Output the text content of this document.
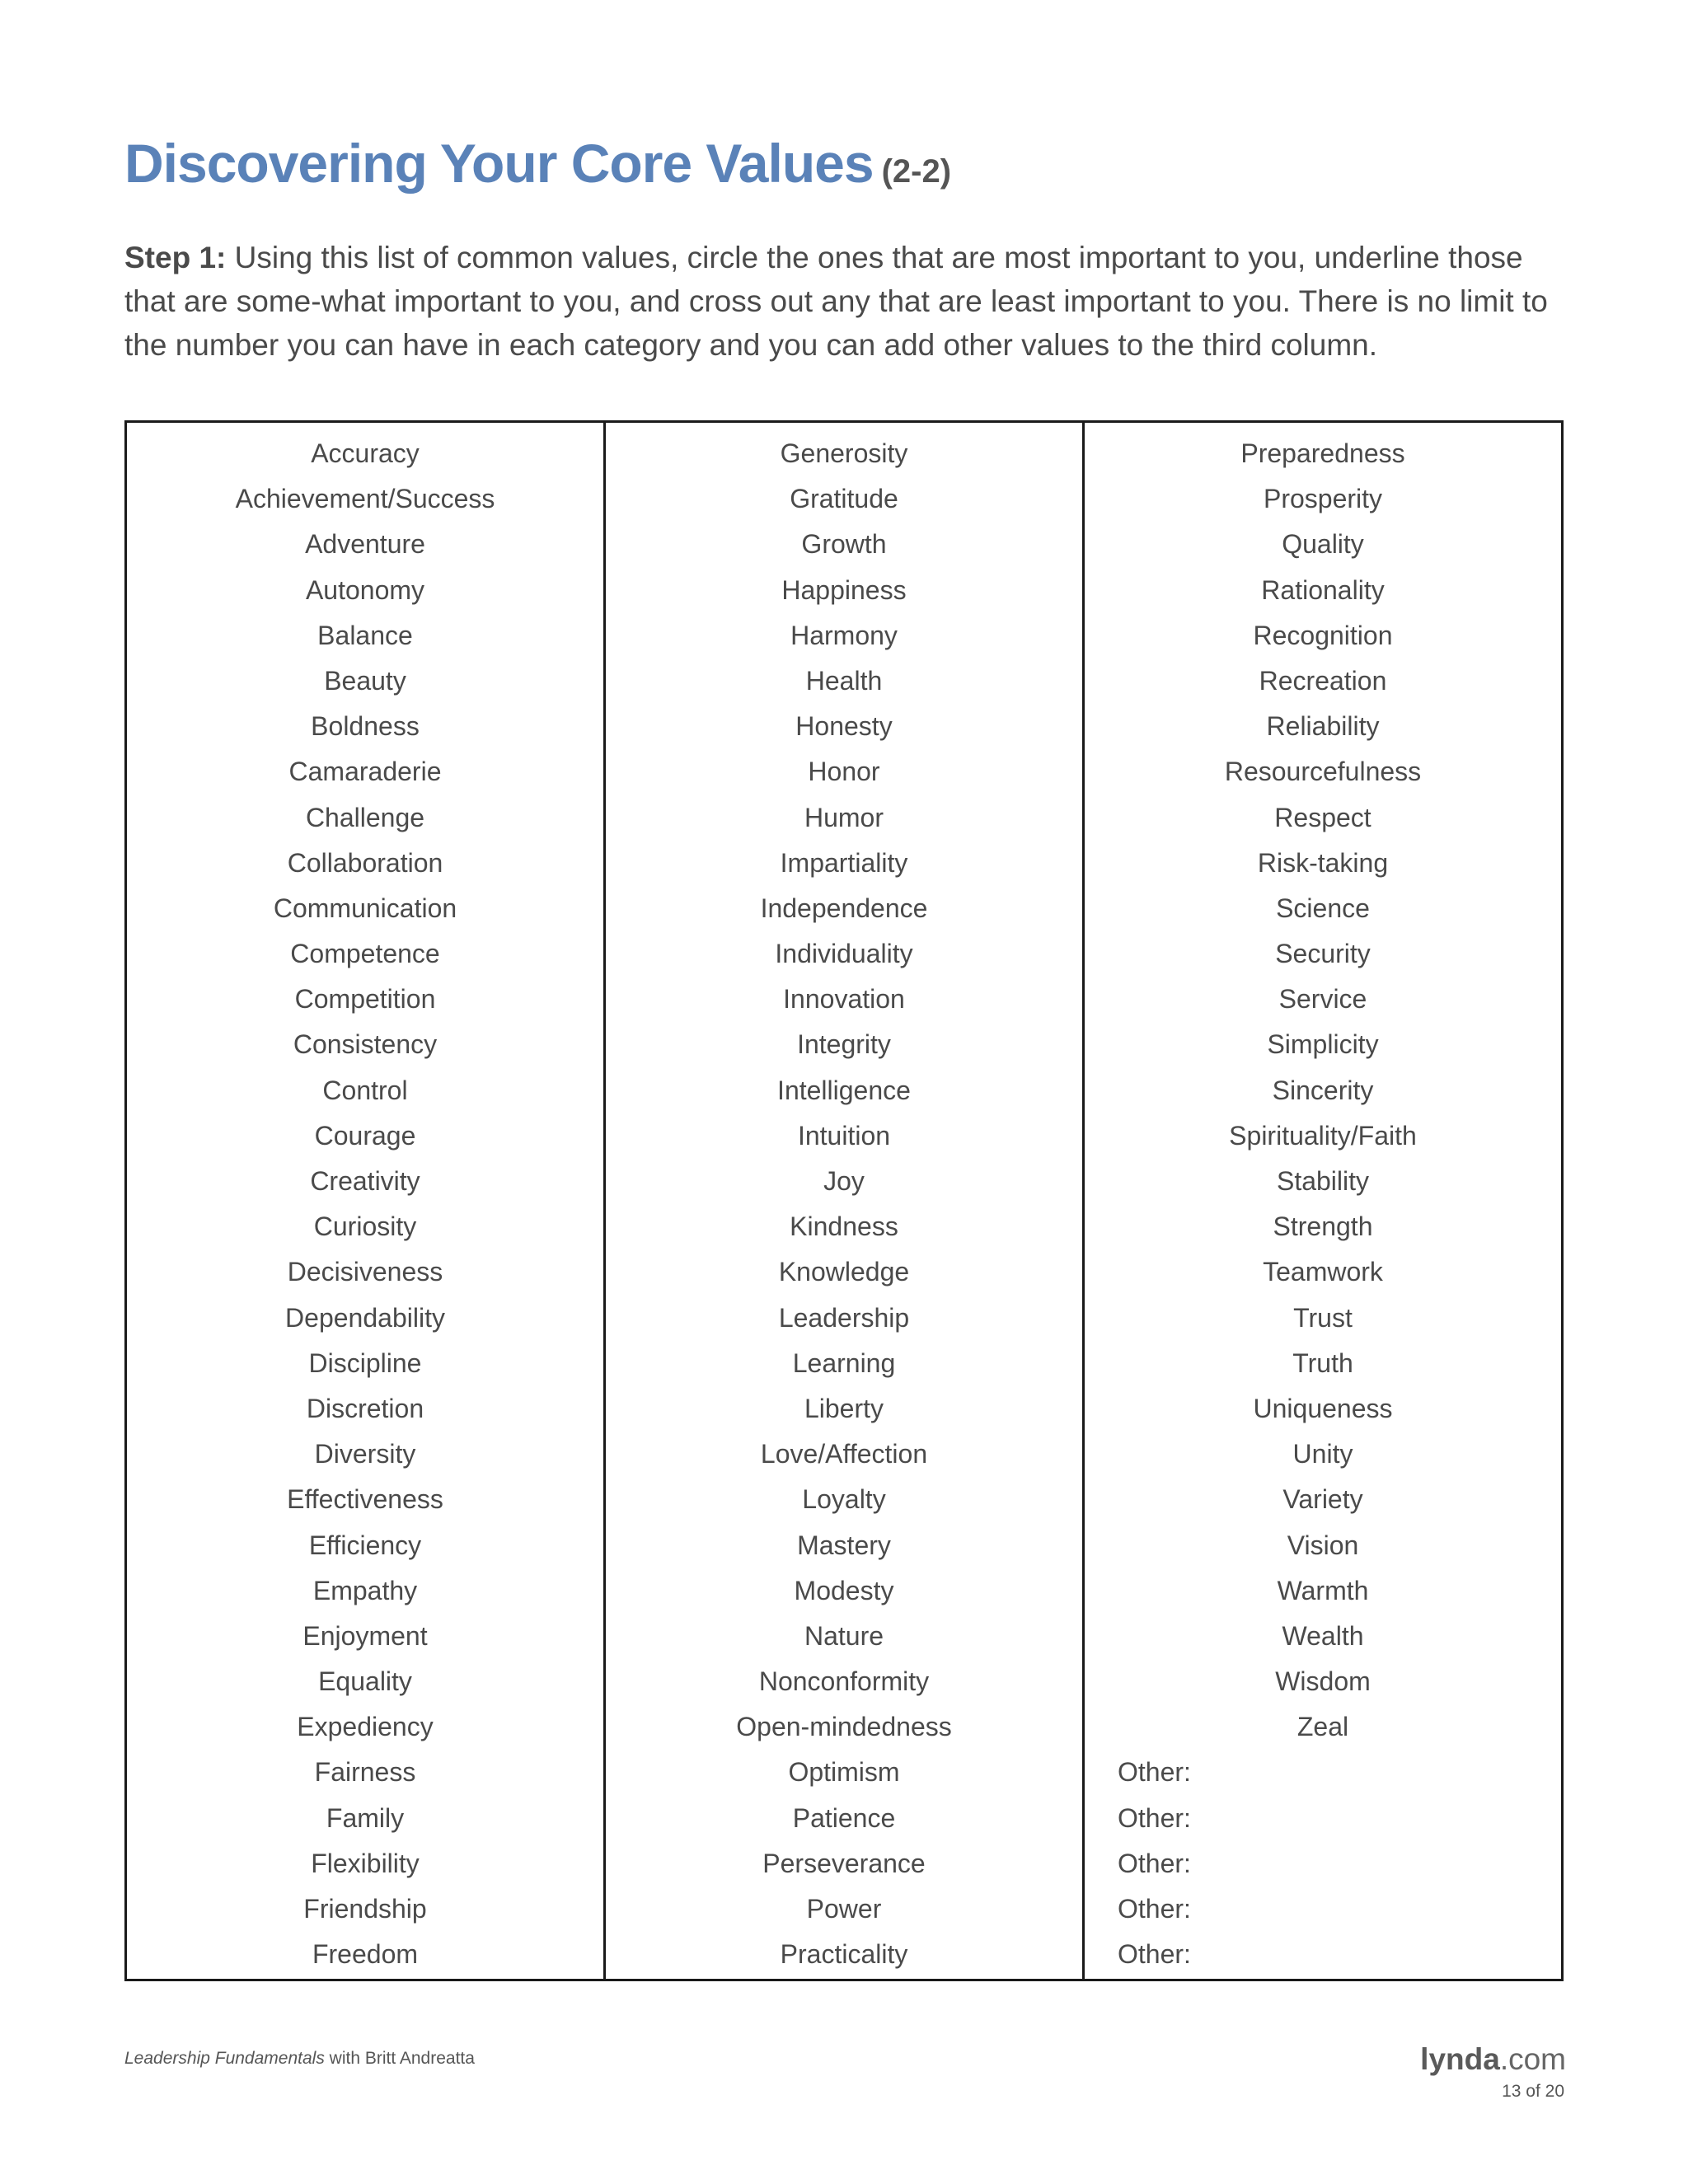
Discovering Your Core Values (2-2)
Step 1: Using this list of common values, circle the ones that are most important to you, underline those that are some-what important to you, and cross out any that are least important to you. There is no limit to the number you can have in each category and you can add other values to the third column.
Accuracy
Achievement/Success
Adventure
Autonomy
Balance
Beauty
Boldness
Camaraderie
Challenge
Collaboration
Communication
Competence
Competition
Consistency
Control
Courage
Creativity
Curiosity
Decisiveness
Dependability
Discipline
Discretion
Diversity
Effectiveness
Efficiency
Empathy
Enjoyment
Equality
Expediency
Fairness
Family
Flexibility
Friendship
Freedom
Generosity
Gratitude
Growth
Happiness
Harmony
Health
Honesty
Honor
Humor
Impartiality
Independence
Individuality
Innovation
Integrity
Intelligence
Intuition
Joy
Kindness
Knowledge
Leadership
Learning
Liberty
Love/Affection
Loyalty
Mastery
Modesty
Nature
Nonconformity
Open-mindedness
Optimism
Patience
Perseverance
Power
Practicality
Preparedness
Prosperity
Quality
Rationality
Recognition
Recreation
Reliability
Resourcefulness
Respect
Risk-taking
Science
Security
Service
Simplicity
Sincerity
Spirituality/Faith
Stability
Strength
Teamwork
Trust
Truth
Uniqueness
Unity
Variety
Vision
Warmth
Wealth
Wisdom
Zeal
Other:
Other:
Other:
Other:
Other:
Leadership Fundamentals with Britt Andreatta	lynda.com
13 of 20
